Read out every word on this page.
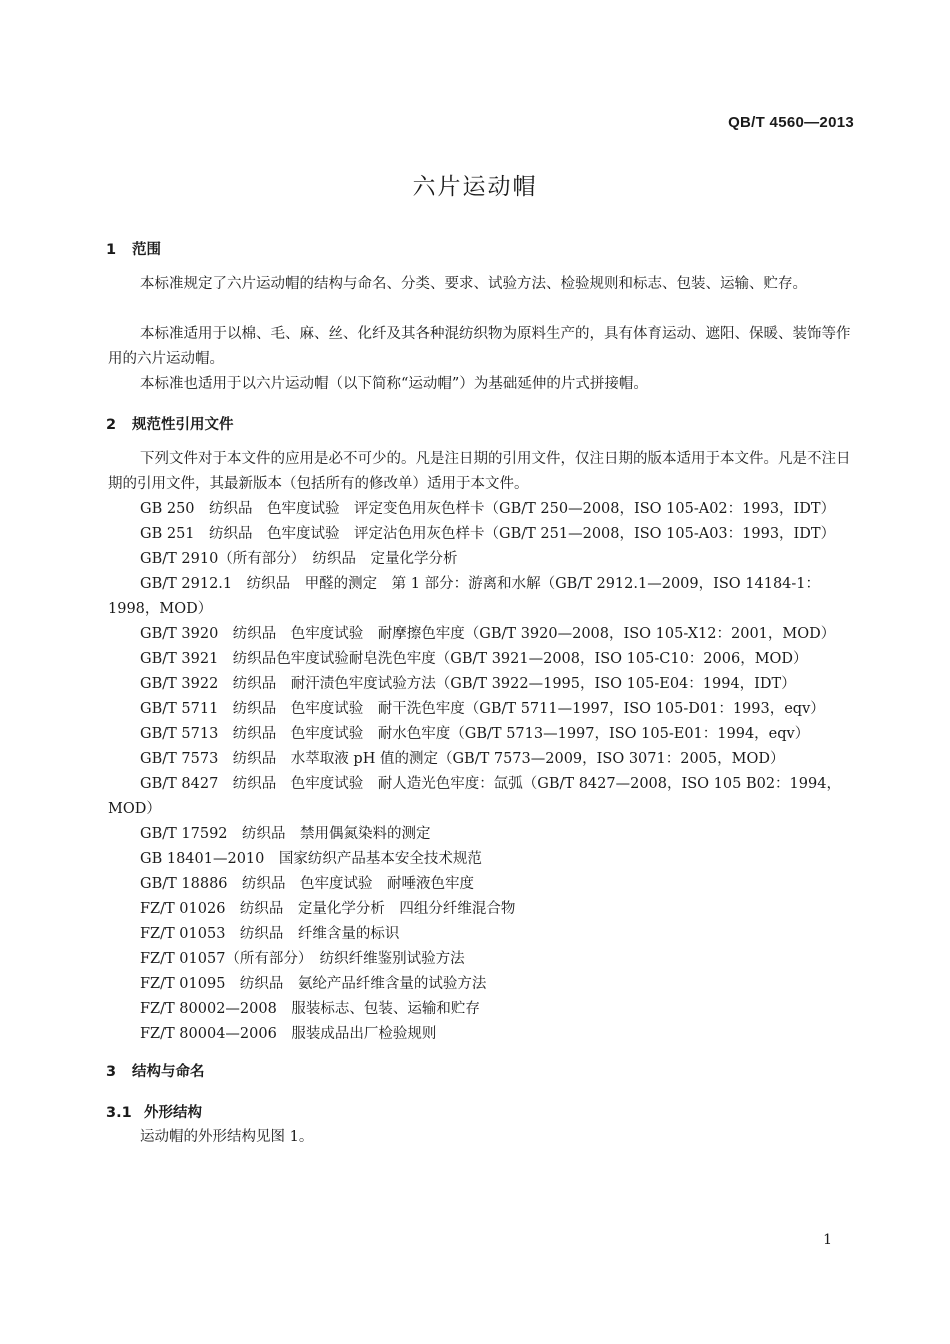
QB/T 4560—2013
六片运动帽
1 范围
本标准规定了六片运动帽的结构与命名、分类、要求、试验方法、检验规则和标志、包装、运输、贮存。
本标准适用于以棉、毛、麻、丝、化纤及其各种混纺织物为原料生产的，具有体育运动、遮阳、保暖、装饰等作用的六片运动帽。
本标准也适用于以六片运动帽（以下简称“运动帽”）为基础延伸的片式拼接帽。
2 规范性引用文件
下列文件对于本文件的应用是必不可少的。凡是注日期的引用文件，仅注日期的版本适用于本文件。凡是不注日期的引用文件，其最新版本（包括所有的修改单）适用于本文件。
GB 250　纺织品　色牢度试验　评定变色用灰色样卡（GB/T 250—2008，ISO 105-A02：1993，IDT）
GB 251　纺织品　色牢度试验　评定沾色用灰色样卡（GB/T 251—2008，ISO 105-A03：1993，IDT）
GB/T 2910（所有部分）　纺织品　定量化学分析
GB/T 2912.1　纺织品　甲醛的测定　第 1 部分：游离和水解（GB/T 2912.1—2009，ISO 14184-1：1998，MOD）
GB/T 3920　纺织品　色牢度试验　耐摩擦色牢度（GB/T 3920—2008，ISO 105-X12：2001，MOD）
GB/T 3921　纺织品色牢度试验耐皂洗色牢度（GB/T 3921—2008，ISO 105-C10：2006，MOD）
GB/T 3922　纺织品　耐汗渍色牢度试验方法（GB/T 3922—1995，ISO 105-E04：1994，IDT）
GB/T 5711　纺织品　色牢度试验　耐干洗色牢度（GB/T 5711—1997，ISO 105-D01：1993，eqv）
GB/T 5713　纺织品　色牢度试验　耐水色牢度（GB/T 5713—1997，ISO 105-E01：1994，eqv）
GB/T 7573　纺织品　水萃取液 pH 值的测定（GB/T 7573—2009，ISO 3071：2005，MOD）
GB/T 8427　纺织品　色牢度试验　耐人造光色牢度：氙弧（GB/T 8427—2008，ISO 105 B02：1994，MOD）
GB/T 17592　纺织品　禁用偶氮染料的测定
GB 18401—2010　国家纺织产品基本安全技术规范
GB/T 18886　纺织品　色牢度试验　耐唾液色牢度
FZ/T 01026　纺织品　定量化学分析　四组分纤维混合物
FZ/T 01053　纺织品　纤维含量的标识
FZ/T 01057（所有部分）　纺织纤维鉴别试验方法
FZ/T 01095　纺织品　氨纶产品纤维含量的试验方法
FZ/T 80002—2008　服装标志、包装、运输和贮存
FZ/T 80004—2006　服装成品出厂检验规则
3 结构与命名
3.1 外形结构
运动帽的外形结构见图 1。
1
